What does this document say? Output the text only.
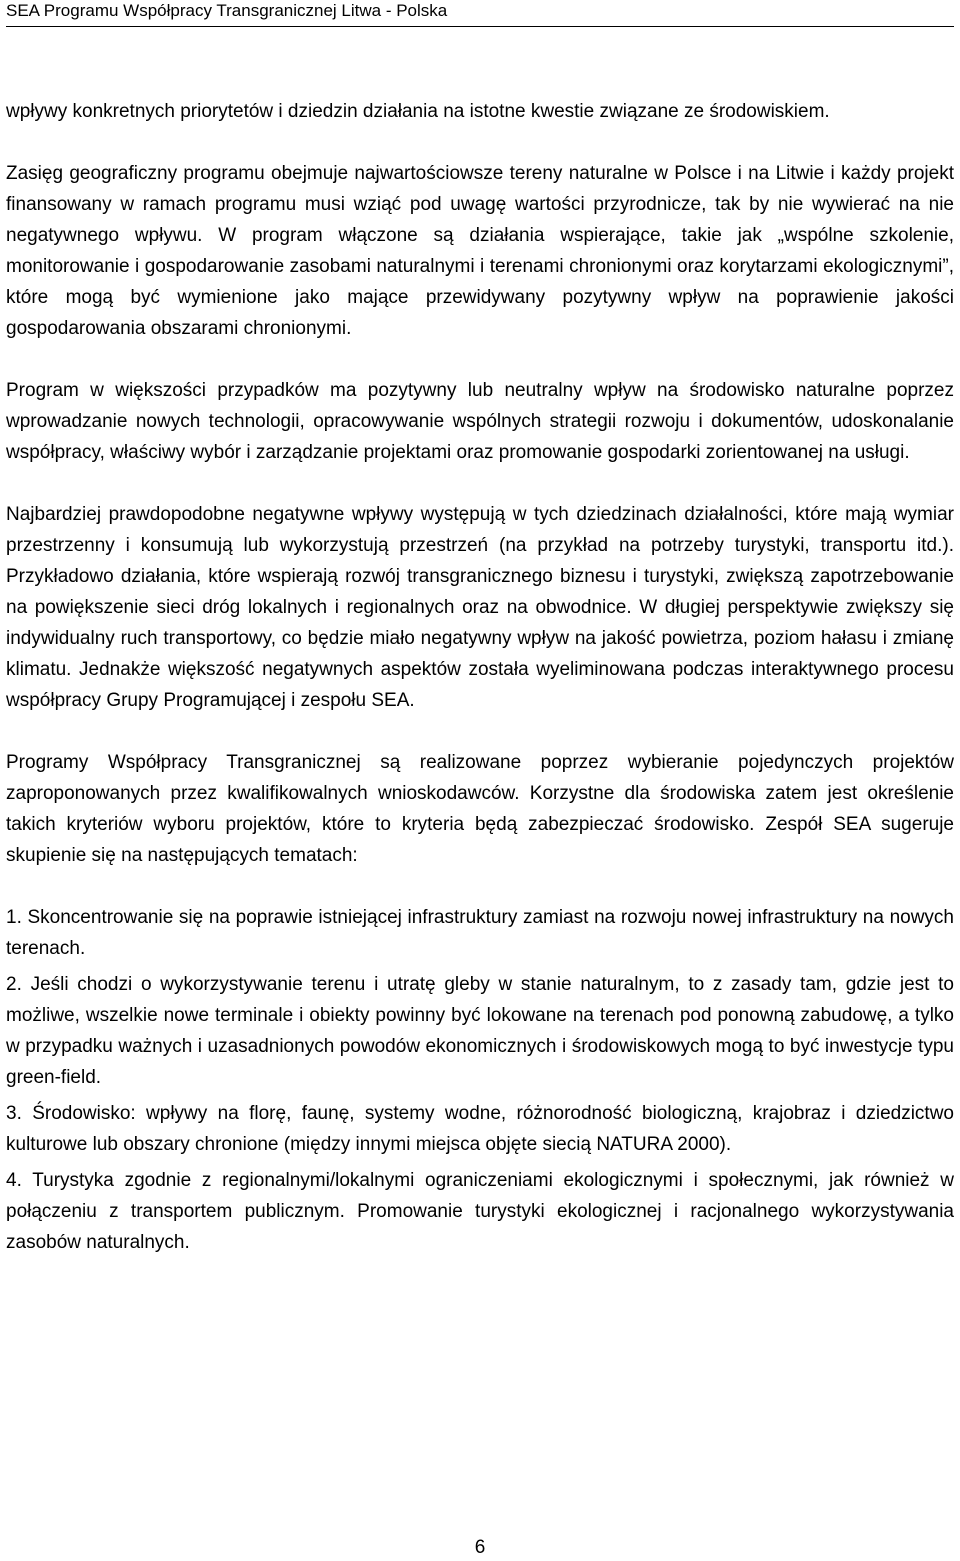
SEA Programu Współpracy Transgranicznej Litwa - Polska

wpływy konkretnych priorytetów i dziedzin działania na istotne kwestie związane ze środowiskiem.

Zasięg geograficzny programu obejmuje najwartościowsze tereny naturalne w Polsce i na Litwie i każdy projekt finansowany w ramach programu musi wziąć pod uwagę wartości przyrodnicze, tak by nie wywierać na nie negatywnego wpływu. W program włączone są działania wspierające, takie jak „wspólne szkolenie, monitorowanie i gospodarowanie zasobami naturalnymi i terenami chronionymi oraz korytarzami ekologicznymi”, które mogą być wymienione jako mające przewidywany pozytywny wpływ na poprawienie jakości gospodarowania obszarami chronionymi.

Program w większości przypadków ma pozytywny lub neutralny wpływ na środowisko naturalne poprzez wprowadzanie nowych technologii, opracowywanie wspólnych strategii rozwoju i dokumentów, udoskonalanie współpracy, właściwy wybór i zarządzanie projektami oraz promowanie gospodarki zorientowanej na usługi.

Najbardziej prawdopodobne negatywne wpływy występują w tych dziedzinach działalności, które mają wymiar przestrzenny i konsumują lub wykorzystują przestrzeń (na przykład na potrzeby turystyki, transportu itd.). Przykładowo działania, które wspierają rozwój transgranicznego biznesu i turystyki, zwiększą zapotrzebowanie na powiększenie sieci dróg lokalnych i regionalnych oraz na obwodnice. W długiej perspektywie zwiększy się indywidualny ruch transportowy, co będzie miało negatywny wpływ na jakość powietrza, poziom hałasu i zmianę klimatu. Jednakże większość negatywnych aspektów została wyeliminowana podczas interaktywnego procesu współpracy Grupy Programującej i zespołu SEA.

Programy Współpracy Transgranicznej są realizowane poprzez wybieranie pojedynczych projektów zaproponowanych przez kwalifikowalnych wnioskodawców. Korzystne dla środowiska zatem jest określenie takich kryteriów wyboru projektów, które to kryteria będą zabezpieczać środowisko. Zespół SEA sugeruje skupienie się na następujących tematach:

1. Skoncentrowanie się na poprawie istniejącej infrastruktury zamiast na rozwoju nowej infrastruktury na nowych terenach.

2. Jeśli chodzi o wykorzystywanie terenu i utratę gleby w stanie naturalnym, to z zasady tam, gdzie jest to możliwe, wszelkie nowe terminale i obiekty powinny być lokowane na terenach pod ponowną zabudowę, a tylko w przypadku ważnych i uzasadnionych powodów ekonomicznych i środowiskowych mogą to być inwestycje typu green-field.

3. Środowisko: wpływy na florę, faunę, systemy wodne, różnorodność biologiczną, krajobraz i dziedzictwo kulturowe lub obszary chronione (między innymi miejsca objęte siecią NATURA 2000).

4. Turystyka zgodnie z regionalnymi/lokalnymi ograniczeniami ekologicznymi i społecznymi, jak również w połączeniu z transportem publicznym. Promowanie turystyki ekologicznej i racjonalnego wykorzystywania zasobów naturalnych.

6
